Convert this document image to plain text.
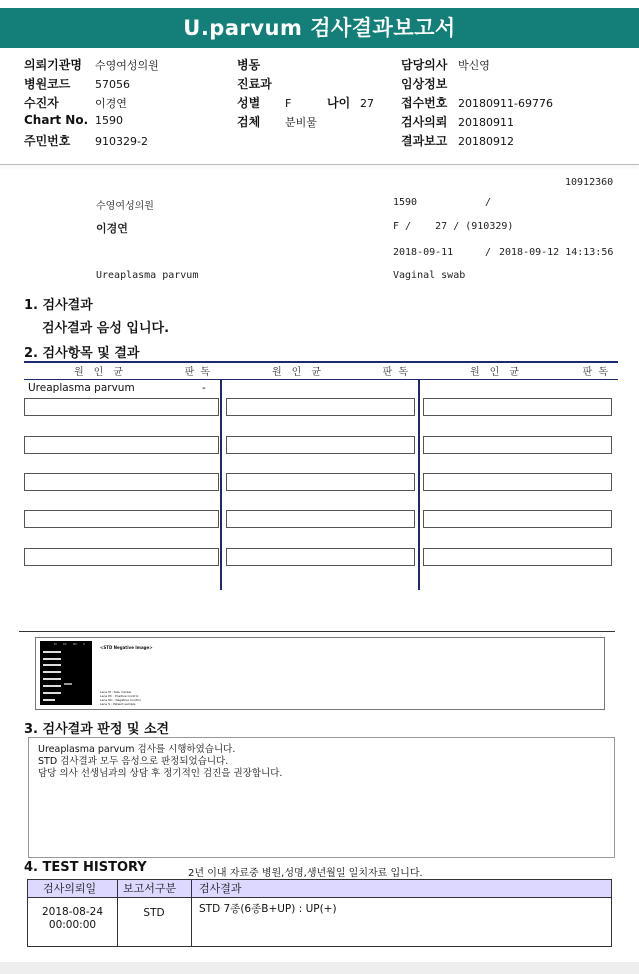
U.parvum 검사결과보고서
의뢰기관명 수영여성의원
병원코드 57056
수진자	이경연
Chart No. 1590
주민번호 910329-2
병동
진료과
성별 F	나이 27
검체 분비물
담당의사 박신영
임상정보
접수번호 20180911-69776
검사의뢰 20180911
결과보고 20180912
10912360
수영여성의원	1590	/
이경연	F /    27 / (910329)
2018-09-11	/ 2018-09-12 14:13:56
Ureaplasma parvum	Vaginal swab
1. 검사결과
검사결과 음성 입니다.
2. 검사항목 및 결과
원인균	판독	원인균	판독	원인균	판독
Ureaplasma parvum	-
M PC NC S
<STD Negative Image>
Lane M : Size marker
Lane PC : Positive Control
Lane NC : Negative Control
Lane S : Patient sample
3. 검사결과 판정 및 소견
Ureaplasma parvum 검사를 시행하였습니다.
STD 검사결과 모두 음성으로 판정되었습니다.
담당 의사 선생님과의 상담 후 정기적인 검진을 권장합니다.
4. TEST HISTORY	2년 이내 자료중 병원,성명,생년월일 일치자료 입니다.
검사의뢰일 보고서구분 검사결과
2018-08-24
00:00:00
STD	STD 7종(6종B+UP) : UP(+)
